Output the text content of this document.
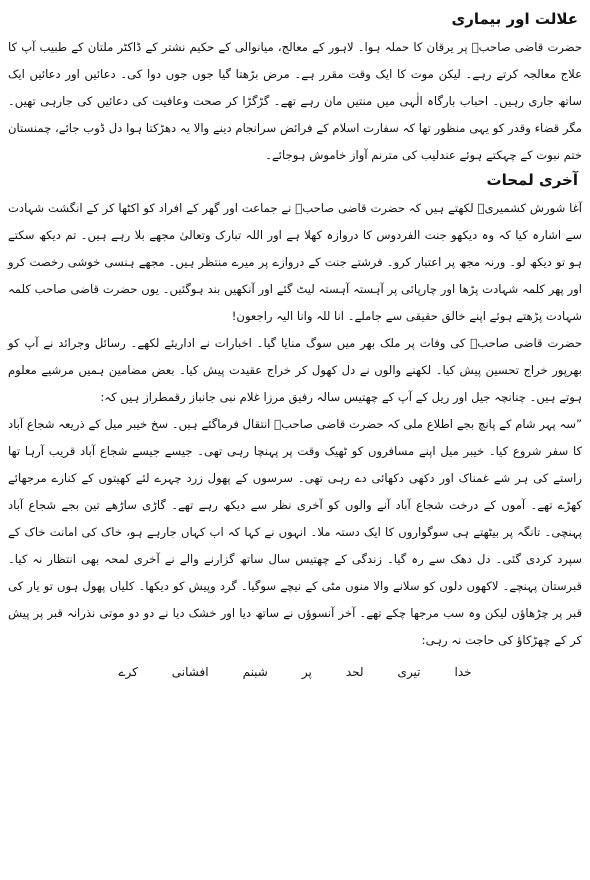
علالت اور بیماری

حضرت قاضی صاحبؒ پر یرقان کا حملہ ہوا۔ لاہور کے معالج، میانوالی کے حکیم نشتر کے ڈاکٹر ملتان کے طبیب آپ کا علاج معالجہ کرتے رہے۔ لیکن موت کا ایک وقت مقرر ہے۔ مرض بڑھتا گیا جوں جوں دوا کی۔ دعائیں اور دعائیں ایک ساتھ جاری رہیں۔ احباب بارگاہ الٰہی میں منتیں مان رہے تھے۔ گڑگڑا کر صحت وعافیت کی دعائیں کی جارہی تھیں۔ مگر قضاء وقدر کو یہی منظور تھا کہ سفارت اسلام کے فرائض سرانجام دینے والا یہ دھڑکتا ہوا دل ڈوب جائے، چمنستان ختم نبوت کے چہکتے ہوئے عندلیب کی مترنم آواز خاموش ہوجائے۔

آخری لمحات

آغا شورش کشمیریؒ لکھتے ہیں کہ حضرت قاضی صاحبؒ نے جماعت اور گھر کے افراد کو اکٹھا کر کے انگشت شہادت سے اشارہ کیا کہ وہ دیکھو جنت الفردوس کا دروازہ کھلا ہے اور اللہ تبارک وتعالیٰ مجھے بلا رہے ہیں۔ تم دیکھ سکتے ہو تو دیکھ لو۔ ورنہ مجھ پر اعتبار کرو۔ فرشتے جنت کے دروازے پر میرے منتظر ہیں۔ مجھے ہنسی خوشی رخصت کرو اور پھر کلمہ شہادت پڑھا اور چارپائی پر آہستہ آہستہ لیٹ گئے اور آنکھیں بند ہوگئیں۔ یوں حضرت قاضی صاحب کلمہ شہادت پڑھتے ہوئے اپنے خالق حقیقی سے جاملے۔ انا للہ وانا الیہ راجعون!

حضرت قاضی صاحبؒ کی وفات پر ملک بھر میں سوگ منایا گیا۔ اخبارات نے اداریئے لکھے۔ رسائل وجرائد نے آپ کو بھرپور خراج تحسین پیش کیا۔ لکھنے والوں نے دل کھول کر خراج عقیدت پیش کیا۔ بعض مضامین ہمیں مرشیے معلوم ہوتے ہیں۔ چنانچہ جیل اور ریل کے آپ کے چھتیس سالہ رفیق مرزا غلام نبی جانباز رقمطراز ہیں کہ:

”سہ پہر شام کے پانچ بجے اطلاع ملی کہ حضرت قاضی صاحبؒ انتقال فرماگئے ہیں۔ سخ خیبر میل کے ذریعہ شجاع آباد کا سفر شروع کیا۔ خیبر میل اپنے مسافروں کو ٹھیک وقت پر پہنچا رہی تھی۔ جیسے جیسے شجاع آباد قریب آرہا تھا راستے کی ہر شے غمناک اور دکھی دکھائی دے رہی تھی۔ سرسوں کے پھول زرد چہرے لئے کھیتوں کے کنارے مرجھائے کھڑے تھے۔ آموں کے درخت شجاع آباد آنے والوں کو آخری نظر سے دیکھ رہے تھے۔ گاڑی ساڑھے تین بجے شجاع آباد پہنچی۔ تانگہ پر بیٹھتے ہی سوگواروں کا ایک دستہ ملا۔ انہوں نے کہا کہ اب کہاں جارہے ہو، خاک کی امانت خاک کے سپرد کردی گئی۔ دل دھک سے رہ گیا۔ زندگی کے چھتیس سال ساتھ گزارنے والے نے آخری لمحہ بھی انتظار نہ کیا۔ قبرستان پہنچے۔ لاکھوں دلوں کو سلانے والا منوں مٹی کے نیچے سوگیا۔ گرد وپیش کو دیکھا۔ کلیاں پھول ہوں تو یار کی قبر پر چڑھاؤں لیکن وہ سب مرجھا چکے تھے۔ آخر آنسوؤں نے ساتھ دیا اور خشک دیا نے دو دو موتی نذرانہ قبر پر پیش کر کے چھڑکاؤ کی حاجت نہ رہی:

خدا
تیری
لحد
پر
شبنم
افشانی
کرے
